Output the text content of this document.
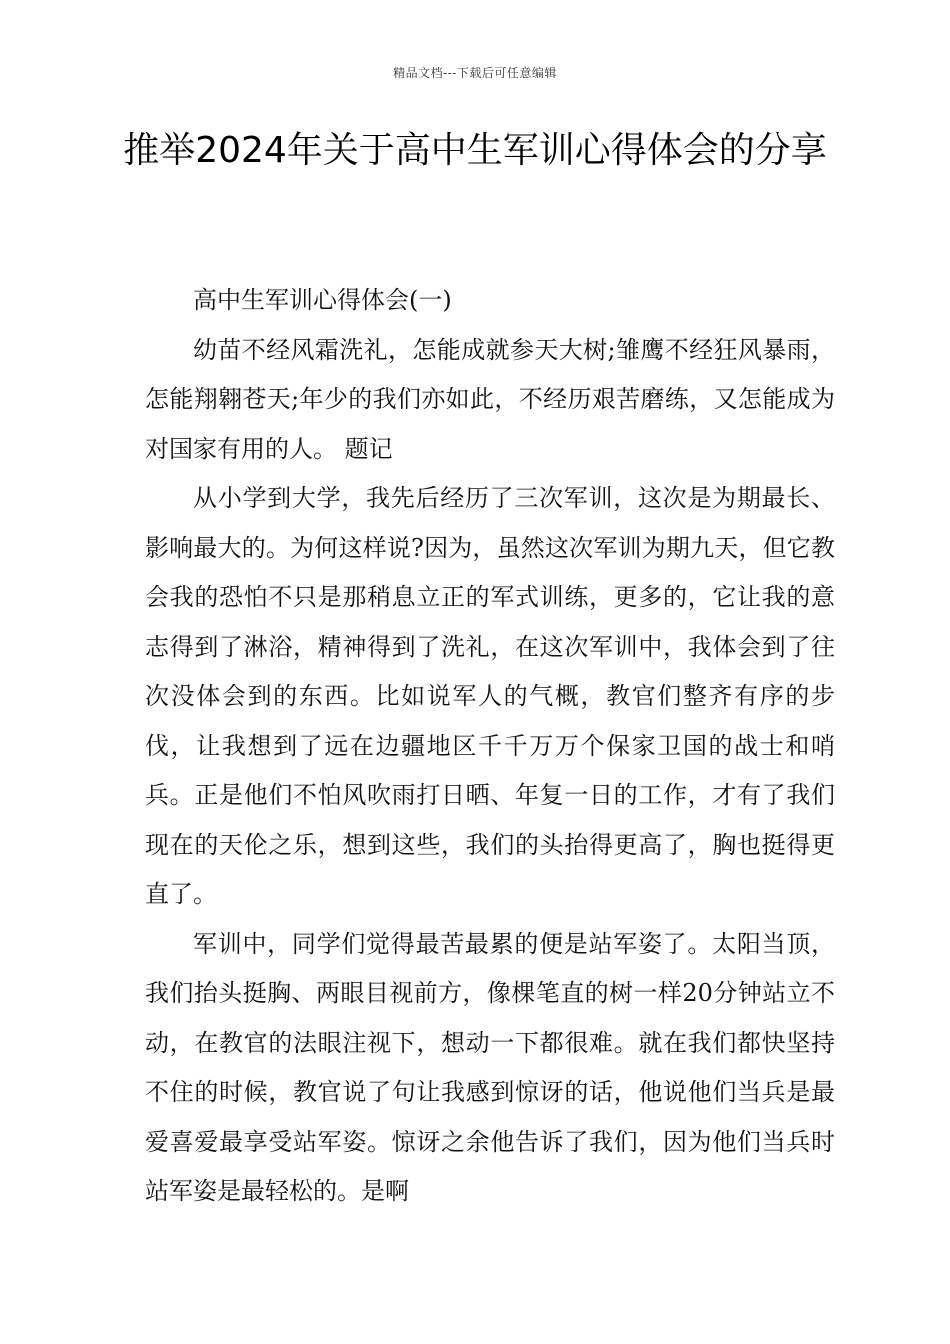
精品文档---下载后可任意编辑
推举2024年关于高中生军训心得体会的分享

高中生军训心得体会(一)

幼苗不经风霜洗礼，怎能成就参天大树;雏鹰不经狂风暴雨，怎能翔翱苍天;年少的我们亦如此，不经历艰苦磨练，又怎能成为对国家有用的人。 题记

从小学到大学，我先后经历了三次军训，这次是为期最长、影响最大的。为何这样说?因为，虽然这次军训为期九天，但它教会我的恐怕不只是那稍息立正的军式训练，更多的，它让我的意志得到了淋浴，精神得到了洗礼，在这次军训中，我体会到了往次没体会到的东西。比如说军人的气概，教官们整齐有序的步伐，让我想到了远在边疆地区千千万万个保家卫国的战士和哨兵。正是他们不怕风吹雨打日晒、年复一日的工作，才有了我们现在的天伦之乐，想到这些，我们的头抬得更高了，胸也挺得更直了。

军训中，同学们觉得最苦最累的便是站军姿了。太阳当顶，我们抬头挺胸、两眼目视前方，像棵笔直的树一样20分钟站立不动，在教官的法眼注视下，想动一下都很难。就在我们都快坚持不住的时候，教官说了句让我感到惊讶的话，他说他们当兵是最爱喜爱最享受站军姿。惊讶之余他告诉了我们，因为他们当兵时站军姿是最轻松的。是啊
